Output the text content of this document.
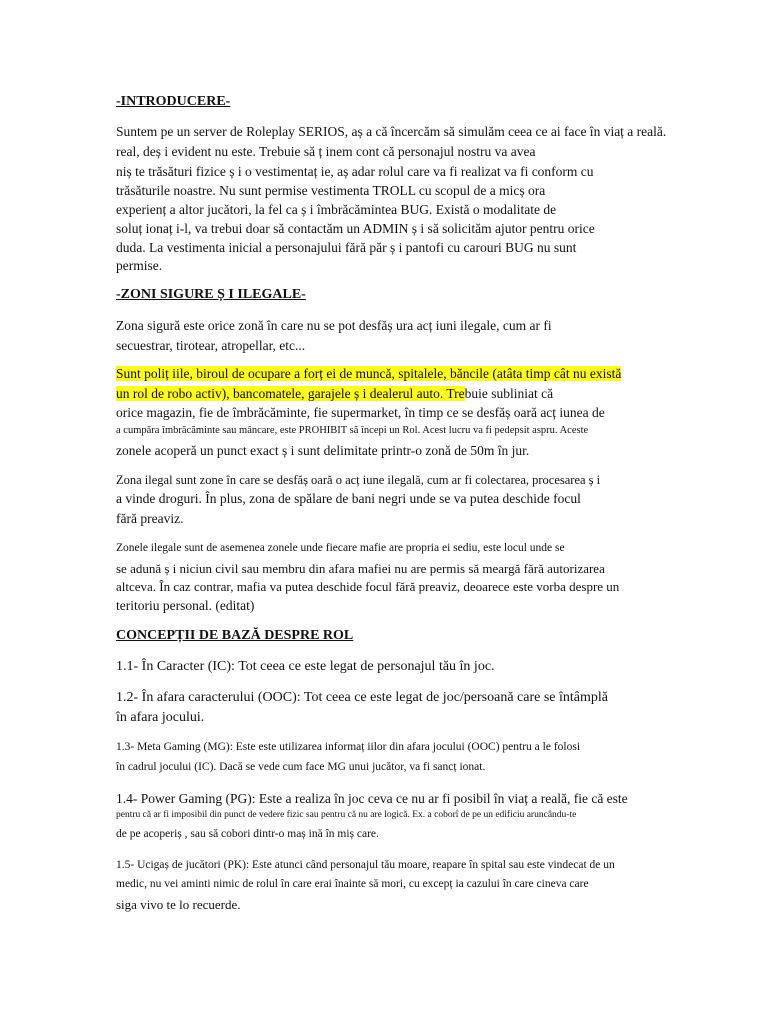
-INTRODUCERE-
Suntem pe un server de Roleplay SERIOS, aș a că încercăm să simulăm ceea ce ai face în viaț a reală.
real, deș i evident nu este. Trebuie să ț inem cont că personajul nostru va avea
niș te trăsături fizice ș i o vestimentaț ie, aș adar rolul care va fi realizat va fi conform cu
trăsăturile noastre. Nu sunt permise vestimenta TROLL cu scopul de a micș ora
experienț a altor jucători, la fel ca ș i îmbrăcămintea BUG. Există o modalitate de
soluț ionaț i-l, va trebui doar să contactăm un ADMIN ș i să solicităm ajutor pentru orice
duda. La vestimenta inicial a personajului fără păr ș i pantofi cu carouri BUG nu sunt
permise.
-ZONI SIGURE Ș I ILEGALE-
Zona sigură este orice zonă în care nu se pot desfăș ura acț iuni ilegale, cum ar fi
secuestrar, tirotear, atropellar, etc...
Sunt poliț iile, biroul de ocupare a forț ei de muncă, spitalele, băncile (atâta timp cât nu există
un rol de robo activ), bancomatele, garajele ș i dealerul auto. Trebuie subliniat că
orice magazin, fie de îmbrăcăminte, fie supermarket, în timp ce se desfăș oară acț iunea de
a cumpăra îmbrăcăminte sau mâncare, este PROHIBIT să începi un Rol. Acest lucru va fi pedepsit aspru. Aceste
zonele acoperă un punct exact ș i sunt delimitate printr-o zonă de 50m în jur.
Zona ilegal sunt zone în care se desfăș oară o acț iune ilegală, cum ar fi colectarea, procesarea ș i
a vinde droguri. În plus, zona de spălare de bani negri unde se va putea deschide focul
fără preaviz.
Zonele ilegale sunt de asemenea zonele unde fiecare mafie are propria ei sediu, este locul unde se
se adună ș i niciun civil sau membru din afara mafiei nu are permis să meargă fără autorizarea
altceva. În caz contrar, mafia va putea deschide focul fără preaviz, deoarece este vorba despre un
teritoriu personal. (editat)
CONCEPȚII DE BAZĂ DESPRE ROL
1.1- În Caracter (IC): Tot ceea ce este legat de personajul tău în joc.
1.2- În afara caracterului (OOC): Tot ceea ce este legat de joc/persoană care se întâmplă
în afara jocului.
1.3- Meta Gaming (MG): Este este utilizarea informaț iilor din afara jocului (OOC) pentru a le folosi
în cadrul jocului (IC). Dacă se vede cum face MG unui jucător, va fi sancț ionat.
1.4- Power Gaming (PG): Este a realiza în joc ceva ce nu ar fi posibil în viaț a reală, fie că este
pentru că ar fi imposibil din punct de vedere fizic sau pentru că nu are logică. Ex. a coborî de pe un edificiu aruncându-te
de pe acoperiș , sau să cobori dintr-o maș ină în miș care.
1.5- Ucigaș de jucători (PK): Este atunci când personajul tău moare, reapare în spital sau este vindecat de un
medic, nu vei aminti nimic de rolul în care erai înainte să mori, cu excepț ia cazului în care cineva care
siga vivo te lo recuerde.
